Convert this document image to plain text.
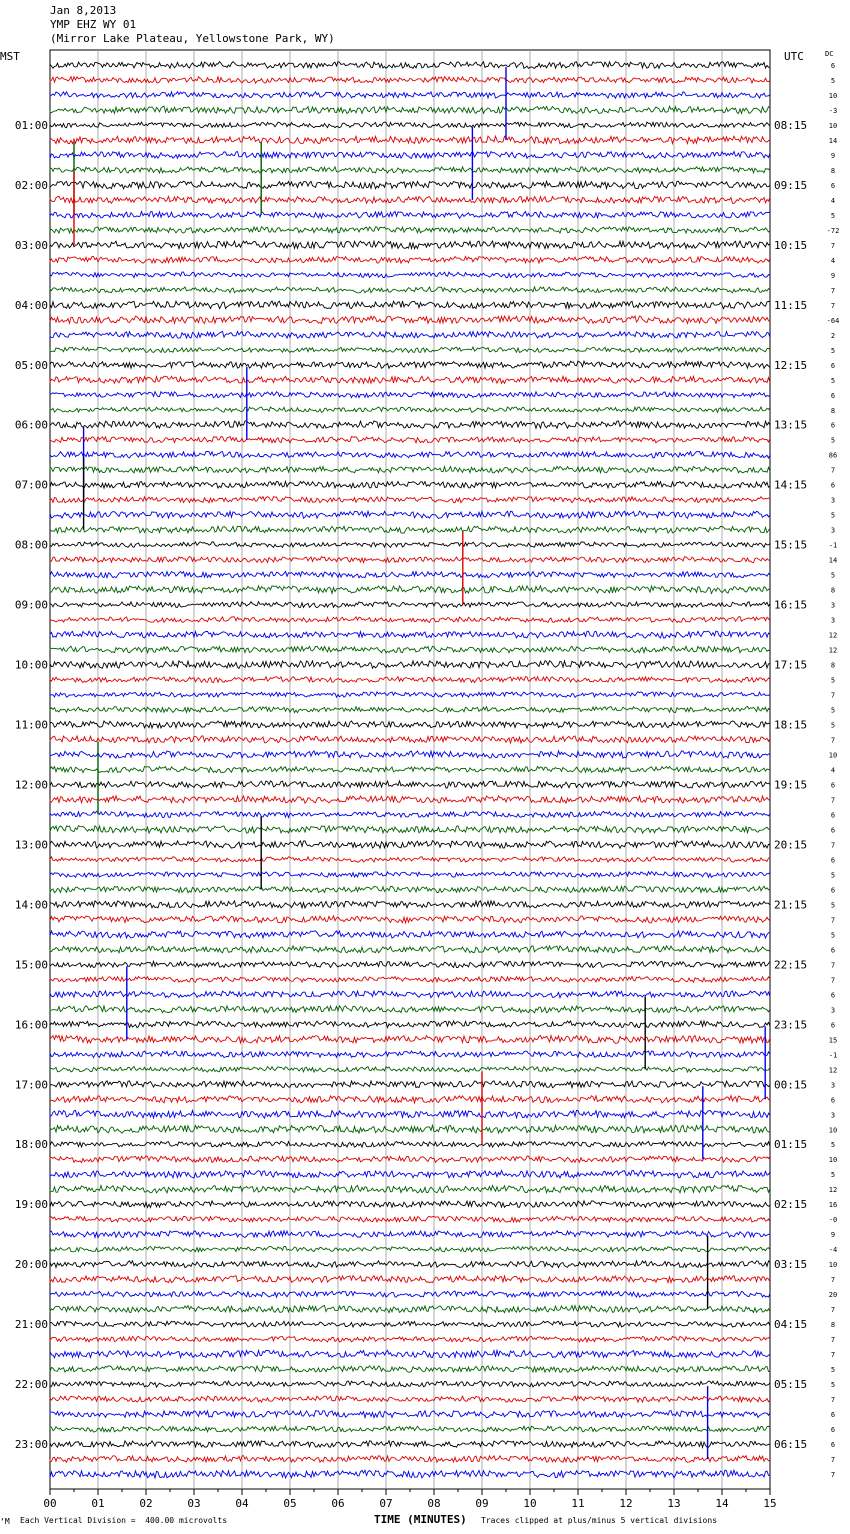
Jan 8,2013
YMP EHZ WY 01
(Mirror Lake Plateau, Yellowstone Park, WY)
00	01	02	03	04	05	06	07	08	09	10	11	12	13	14	15
MST	UTC	DC
6
5
10
-3
10
14
9
8
6
4
5
-72
7
4
9
7
7
-64
2
5
6
5
6
8
6
5
86
7
6
3
5
3
-1
14
5
8
3
3
12
12
8
5
7
5
5
7
10
4
6
7
6
6
7
6
5
6
5
7
5
6
7
7
6
3
6
15
-1
12
3
6
3
10
5
10
5
12
16
-0
9
-4
10
7
20
7
8
7
7
5
5
7
6
6
6
7
7
01:00
02:00
03:00
04:00
05:00
06:00
07:00
08:00
09:00
10:00
11:00
12:00
13:00
14:00
15:00
16:00
17:00
18:00
19:00
20:00
21:00
22:00
23:00
08:15
09:15
10:15
11:15
12:15
13:15
14:15
15:15
16:15
17:15
18:15
19:15
20:15
21:15
22:15
23:15
00:15
01:15
02:15
03:15
04:15
05:15
06:15
‘M Each Vertical Division =  400.00 microvolts	TIME (MINUTES) Traces clipped at plus/minus 5 vertical divisions
